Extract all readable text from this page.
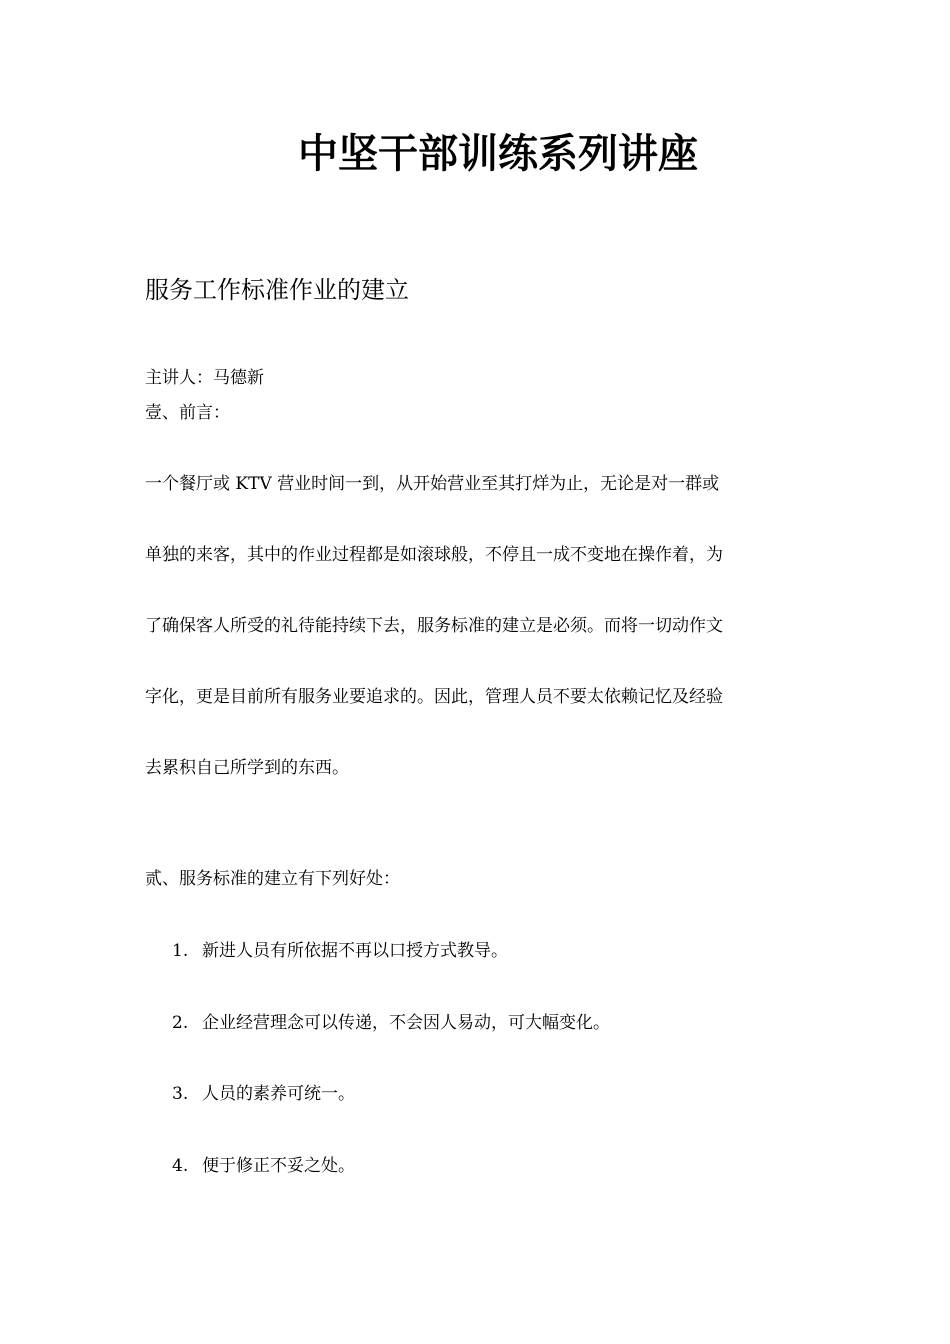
中坚干部训练系列讲座
服务工作标准作业的建立

主讲人：马德新

壹、前言：

一个餐厅或 KTV 营业时间一到，从开始营业至其打烊为止，无论是对一群或
单独的来客，其中的作业过程都是如滚球般，不停且一成不变地在操作着，为
了确保客人所受的礼待能持续下去，服务标准的建立是必须。而将一切动作文
字化，更是目前所有服务业要追求的。因此，管理人员不要太依赖记忆及经验
去累积自己所学到的东西。

贰、服务标准的建立有下列好处：

1. 新进人员有所依据不再以口授方式教导。
2. 企业经营理念可以传递，不会因人易动，可大幅变化。
3. 人员的素养可统一。
4. 便于修正不妥之处。
